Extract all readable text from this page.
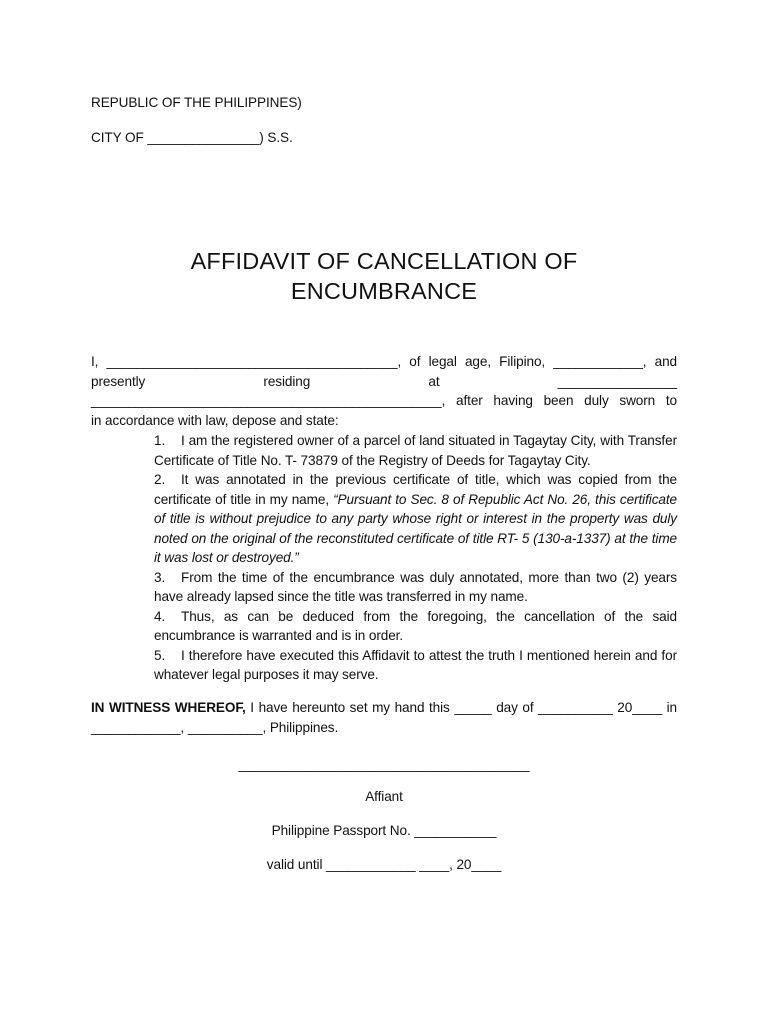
REPUBLIC OF THE PHILIPPINES)
CITY OF _______________) S.S.
AFFIDAVIT OF CANCELLATION OF
ENCUMBRANCE

I, _______________________________________, of legal age, Filipino, ____________, and

presently	residing	at ________________

_______________________________________________, after having been duly sworn to

in accordance with law, depose and state:

1. I am the registered owner of a parcel of land situated in Tagaytay City, with Transfer Certificate of Title No. T- 73879 of the Registry of Deeds for Tagaytay City.

2. It was annotated in the previous certificate of title, which was copied from the certificate of title in my name, “Pursuant to Sec. 8 of Republic Act No. 26, this certificate of title is without prejudice to any party whose right or interest in the property was duly noted on the original of the reconstituted certificate of title RT- 5 (130-a-1337) at the time it was lost or destroyed.”

3. From the time of the encumbrance was duly annotated, more than two (2) years have already lapsed since the title was transferred in my name.

4. Thus, as can be deduced from the foregoing, the cancellation of the said encumbrance is warranted and is in order.

5. I therefore have executed this Affidavit to attest the truth I mentioned herein and for whatever legal purposes it may serve.

IN WITNESS WHEREOF, I have hereunto set my hand this _____ day of __________ 20____ in

____________, __________, Philippines.

_______________________________________
Affiant
Philippine Passport No. ___________
valid until ____________ ____, 20____
